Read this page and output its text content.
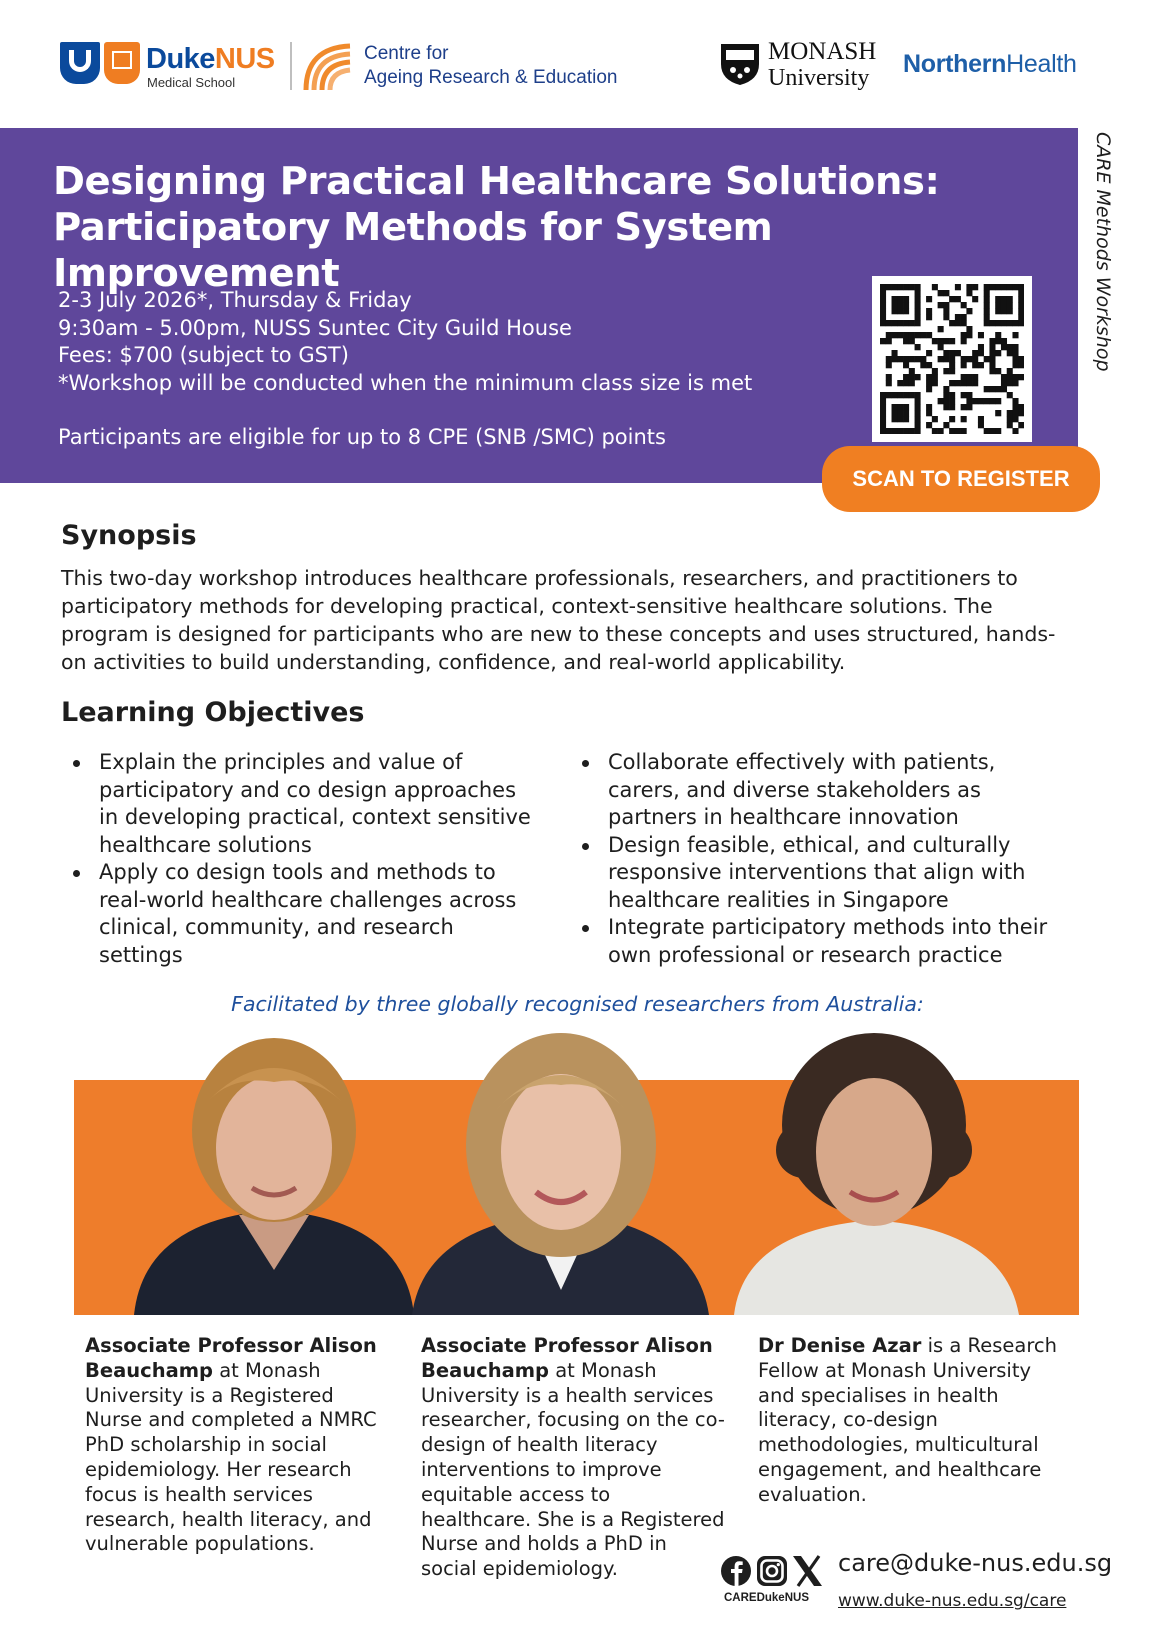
DukeNUS
Medical School
Centre for
Ageing Research & Education
MONASH
University NorthernHealth
Designing Practical Healthcare Solutions:
Participatory Methods for System Improvement
2-3 July 2026*, Thursday & Friday
9:30am - 5.00pm, NUSS Suntec City Guild House
Fees: $700 (subject to GST)
*Workshop will be conducted when the minimum class size is met
Participants are eligible for up to 8 CPE (SNB /SMC) points
SCAN TO REGISTER
CARE Methods Workshop
Synopsis
This two-day workshop introduces healthcare professionals, researchers, and practitioners to participatory methods for developing practical, context-sensitive healthcare solutions. The program is designed for participants who are new to these concepts and uses structured, hands-on activities to build understanding, confidence, and real-world applicability.
Learning Objectives
Explain the principles and value of participatory and co design approaches in developing practical, context sensitive healthcare solutions
Apply co design tools and methods to real-world healthcare challenges across clinical, community, and research settings
Collaborate effectively with patients, carers, and diverse stakeholders as partners in healthcare innovation
Design feasible, ethical, and culturally responsive interventions that align with healthcare realities in Singapore
Integrate participatory methods into their own professional or research practice
Facilitated by three globally recognised researchers from Australia:
Associate Professor Alison Beauchamp at Monash University is a Registered Nurse and completed a NMRC PhD scholarship in social epidemiology. Her research focus is health services research, health literacy, and vulnerable populations.
Associate Professor Alison Beauchamp at Monash University is a health services researcher, focusing on the co-design of health literacy interventions to improve equitable access to healthcare. She is a Registered Nurse and holds a PhD in social epidemiology.
Dr Denise Azar is a Research Fellow at Monash University and specialises in health literacy, co-design methodologies, multicultural engagement, and healthcare evaluation.
CAREDukeNUS
care@duke-nus.edu.sg
www.duke-nus.edu.sg/care
